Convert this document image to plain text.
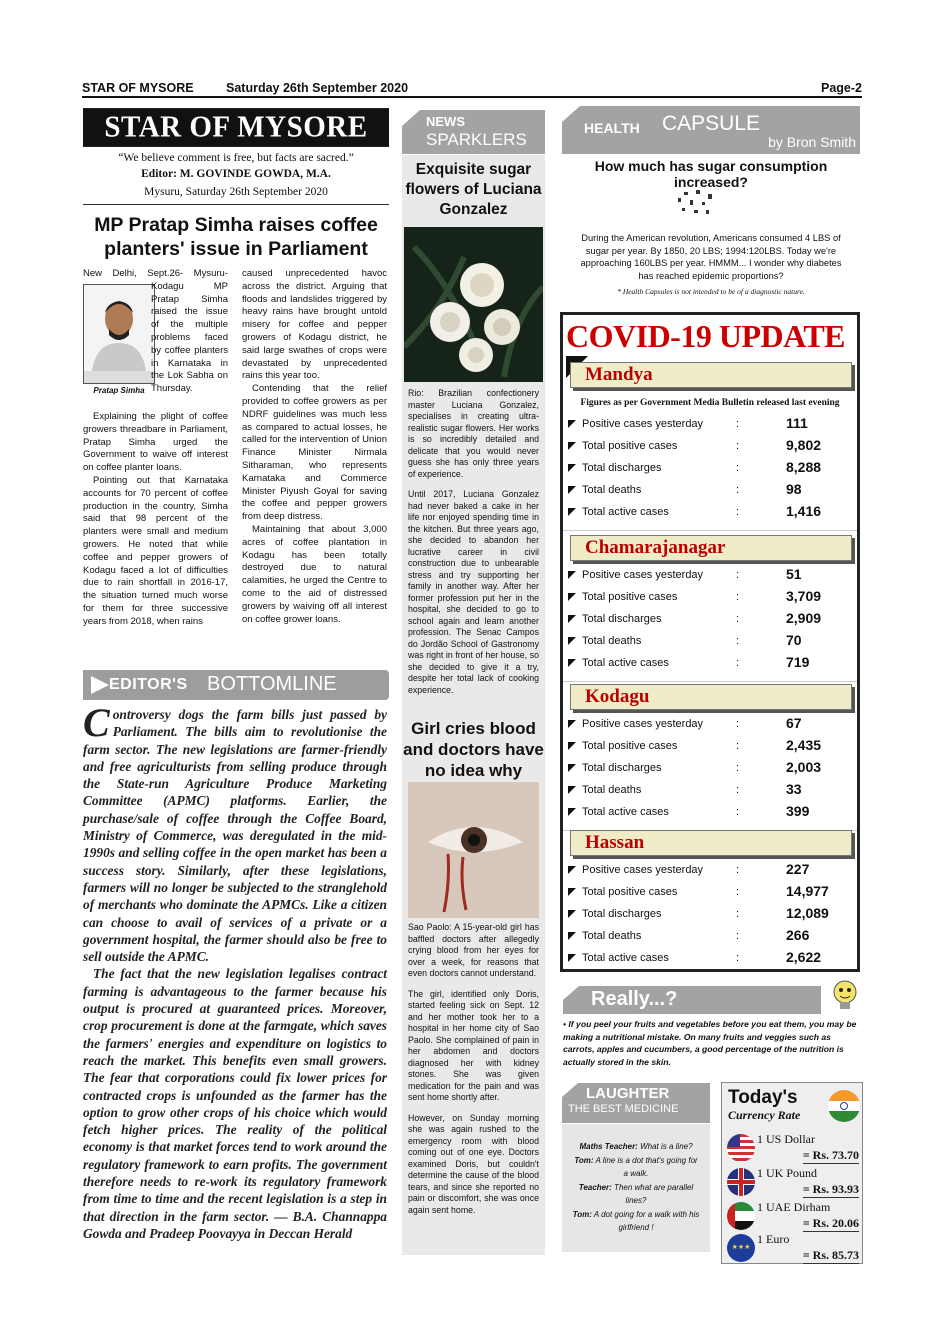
STAR OF MYSORE	Saturday 26th September 2020	Page-2
STAR OF MYSORE
“We believe comment is free, but facts are sacred.”
Editor: M. GOVINDE GOWDA, M.A.
Mysuru, Saturday 26th September 2020
MP Pratap Simha raises coffee planters' issue in Parliament
Pratap Simha

New Delhi, Sept.26- Mysuru-Kodagu MP Pratap Simha raised the issue of the multiple problems faced by coffee planters in Karnataka in the Lok Sabha on Thursday.

Explaining the plight of coffee growers threadbare in Parliament, Pratap Simha urged the Government to waive off interest on coffee planter loans.

Pointing out that Karnataka accounts for 70 percent of coffee production in the country, Simha said that 98 percent of the planters were small and medium growers. He noted that while coffee and pepper growers of Kodagu faced a lot of difficulties due to rain shortfall in 2016-17, the situation turned much worse for them for three successive years from 2018, when rains

caused unprecedented havoc across the district. Arguing that floods and landslides triggered by heavy rains have brought untold misery for coffee and pepper growers of Kodagu district, he said large swathes of crops were devastated by unprecedented rains this year too.

Contending that the relief provided to coffee growers as per NDRF guidelines was much less as compared to actual losses, he called for the intervention of Union Finance Minister Nirmala Sitharaman, who represents Karnataka and Commerce Minister Piyush Goyal for saving the coffee and pepper growers from deep distress.

Maintaining that about 3,000 acres of coffee plantation in Kodagu has been totally destroyed due to natural calamities, he urged the Centre to come to the aid of distressed growers by waiving off all interest on coffee grower loans.

EDITOR'S BOTTOMLINE

Controversy dogs the farm bills just passed by Parliament. The bills aim to revolutionise the farm sector. The new legislations are farmer-friendly and free agriculturists from selling produce through the State-run Agriculture Produce Marketing Committee (APMC) platforms. Earlier, the purchase/sale of coffee through the Coffee Board, Ministry of Commerce, was deregulated in the mid-1990s and selling coffee in the open market has been a success story. Similarly, after these legislations, farmers will no longer be subjected to the stranglehold of merchants who dominate the APMCs. Like a citizen can choose to avail of services of a private or a government hospital, the farmer should also be free to sell outside the APMC.

The fact that the new legislation legalises contract farming is advantageous to the farmer because his output is procured at guaranteed prices. Moreover, crop procurement is done at the farmgate, which saves the farmers' energies and expenditure on logistics to reach the market. This benefits even small growers. The fear that corporations could fix lower prices for contracted crops is unfounded as the farmer has the option to grow other crops of his choice which would fetch higher prices. The reality of the political economy is that market forces tend to work around the regulatory framework to earn profits. The government therefore needs to re-work its regulatory framework from time to time and the recent legislation is a step in that direction in the farm sector. — B.A. Channappa Gowda and Pradeep Poovayya in Deccan Herald

NEWS
SPARKLERS
Exquisite sugar flowers of Luciana Gonzalez

Rio: Brazilian confectionery master Luciana Gonzalez, specialises in creating ultra-realistic sugar flowers. Her works is so incredibly detailed and delicate that you would never guess she has only three years of experience.

Until 2017, Luciana Gonzalez had never baked a cake in her life nor enjoyed spending time in the kitchen. But three years ago, she decided to abandon her lucrative career in civil construction due to unbearable stress and try supporting her family in another way. After her former profession put her in the hospital, she decided to go to school again and learn another profession. The Senac Campos do Jordão School of Gastronomy was right in front of her house, so she decided to give it a try, despite her total lack of cooking experience.

Girl cries blood and doctors have no idea why

Sao Paolo: A 15-year-old girl has baffled doctors after allegedly crying blood from her eyes for over a week, for reasons that even doctors cannot understand.

The girl, identified only Doris, started feeling sick on Sept. 12 and her mother took her to a hospital in her home city of Sao Paolo. She complained of pain in her abdomen and doctors diagnosed her with kidney stones. She was given medication for the pain and was sent home shortly after.

However, on Sunday morning she was again rushed to the emergency room with blood coming out of one eye. Doctors examined Doris, but couldn't determine the cause of the blood tears, and since she reported no pain or discomfort, she was once again sent home.

HEALTH CAPSULE
by Bron Smith
How much has sugar consumption increased?
During the American revolution, Americans consumed 4 LBS of sugar per year. By 1850, 20 LBS; 1994:120LBS. Today we're approaching 160LBS per year. HMMM... I wonder why diabetes has reached epidemic proportions?
* Health Capsules is not intended to be of a diagnostic nature.
COVID-19 UPDATE
Figures as per Government Media Bulletin released last evening
Mandya
Positive cases yesterday	:	111
Total positive cases	:	9,802
Total discharges	:	8,288
Total deaths	:	98
Total active cases	:	1,416
Chamarajanagar
Positive cases yesterday	:	51
Total positive cases	:	3,709
Total discharges	:	2,909
Total deaths	:	70
Total active cases	:	719
Kodagu
Positive cases yesterday	:	67
Total positive cases	:	2,435
Total discharges	:	2,003
Total deaths	:	33
Total active cases	:	399
Hassan
Positive cases yesterday	:	227
Total positive cases	:	14,977
Total discharges	:	12,089
Total deaths	:	266
Total active cases	:	2,622
Really...?
• If you peel your fruits and vegetables before you eat them, you may be making a nutritional mistake. On many fruits and veggies such as carrots, apples and cucumbers, a good percentage of the nutrition is actually stored in the skin.
LAUGHTER
THE BEST MEDICINE
Maths Teacher: What is a line? Tom: A line is a dot that's going for a walk.
Teacher: Then what are parallel lines?
Tom: A dot going for a walk with his girlfriend !
Today's
Currency Rate
1 US Dollar
= Rs. 73.70
1 UK Pound
= Rs. 93.93
1 UAE Dirham
= Rs. 20.06
★★★
1 Euro
= Rs. 85.73
